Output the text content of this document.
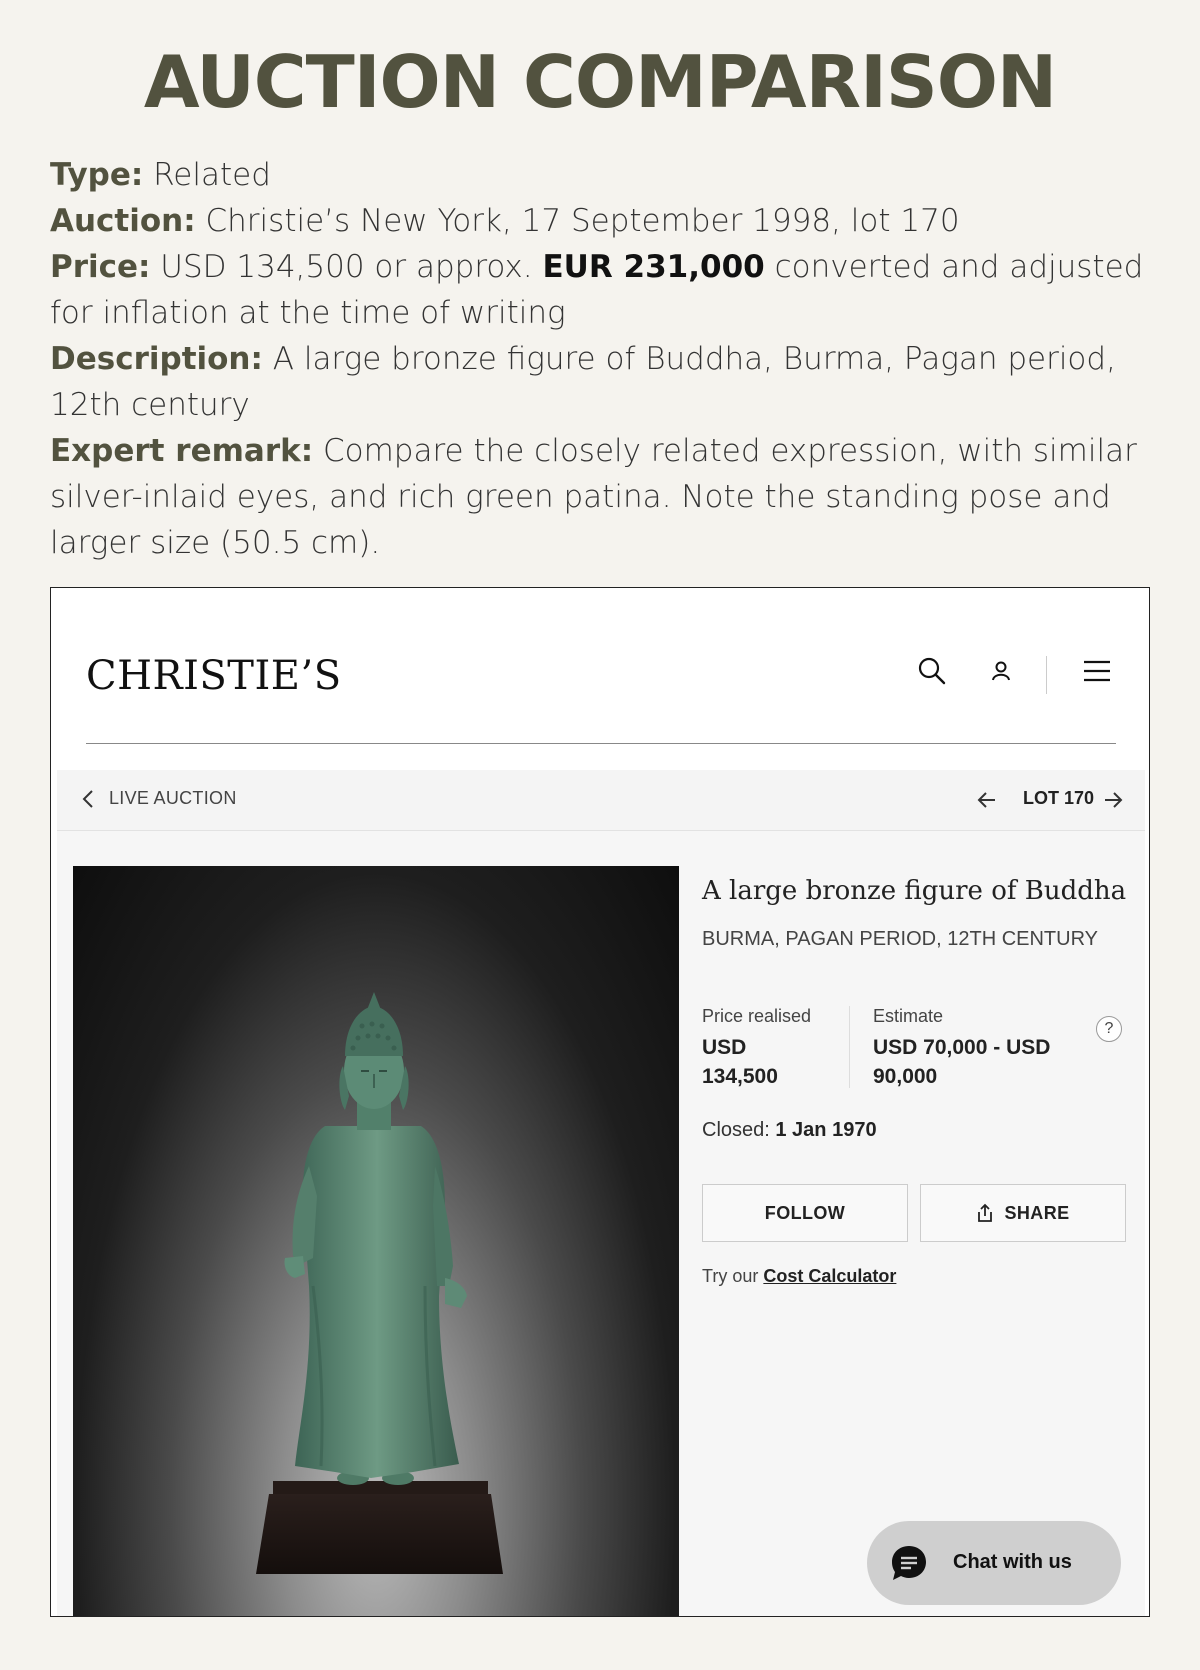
AUCTION COMPARISON

Type: Related

Auction: Christie’s New York, 17 September 1998, lot 170

Price: USD 134,500 or approx. EUR 231,000 converted and adjusted for inflation at the time of writing

Description: A large bronze figure of Buddha, Burma, Pagan period, 12th century

Expert remark: Compare the closely related expression, with similar silver-inlaid eyes, and rich green patina. Note the standing pose and larger size (50.5 cm).

CHRISTIE’S
LIVE AUCTION	LOT 170
A large bronze figure of Buddha
BURMA, PAGAN PERIOD, 12TH CENTURY
Price realised
USD
134,500
Estimate
USD 70,000 - USD
90,000
?
Closed: 1 Jan 1970
FOLLOW	SHARE
Try our Cost Calculator
Chat with us
